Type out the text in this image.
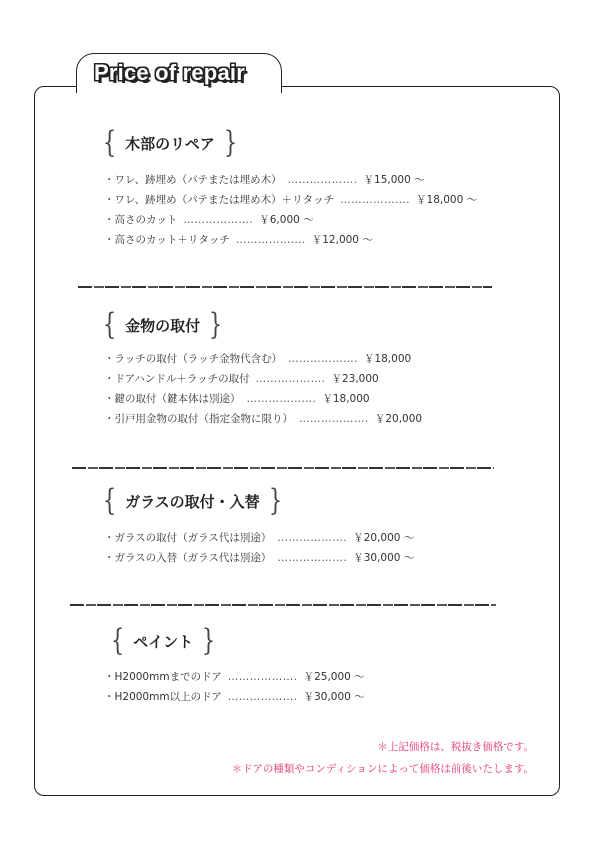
Price of repair
{ 木部のリペア }
・ワレ、跡埋め（パテまたは埋め木） ………………. ￥15,000 ～
・ワレ、跡埋め（パテまたは埋め木）＋リタッチ ………………. ￥18,000 ～
・高さのカット ………………. ￥6,000 ～
・高さのカット＋リタッチ ………………. ￥12,000 ～
{ 金物の取付 }
・ラッチの取付（ラッチ金物代含む） ………………. ￥18,000
・ドアハンドル＋ラッチの取付 ………………. ￥23,000
・鍵の取付（鍵本体は別途） ………………. ￥18,000
・引戸用金物の取付（指定金物に限り） ………………. ￥20,000
{ ガラスの取付・入替 }
・ガラスの取付（ガラス代は別途） ………………. ￥20,000 ～
・ガラスの入替（ガラス代は別途） ………………. ￥30,000 ～
{ ペイント }
・H2000mmまでのドア ………………. ￥25,000 ～
・H2000mm以上のドア ………………. ￥30,000 ～
＊上記価格は、税抜き価格です。
＊ドアの種類やコンディションによって価格は前後いたします。
